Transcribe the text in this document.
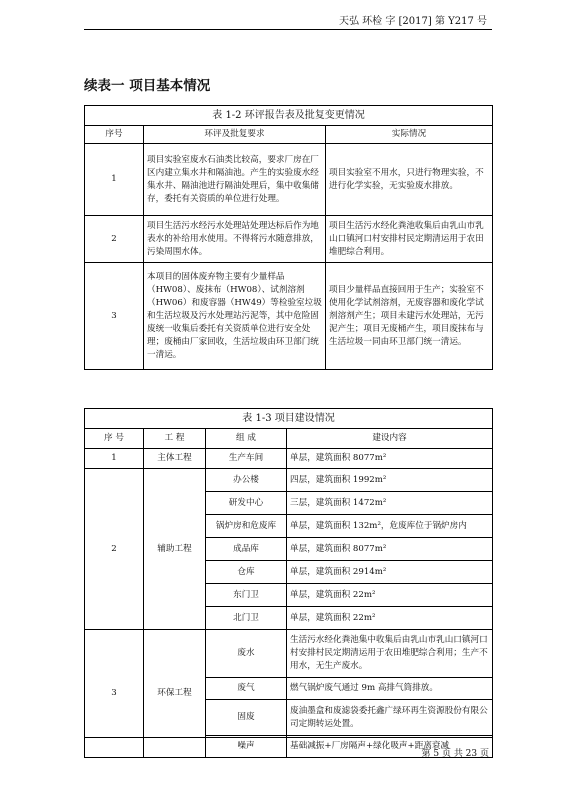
天弘 环检 字 [2017] 第 Y217 号
续表一 项目基本情况
表 1-2 环评报告表及批复变更情况		
序号	环评及批复要求	实际情况
1	项目实验室废水石油类比较高，要求厂房在厂区内建立集水井和隔油池。产生的实验废水经集水井、隔油池进行隔油处理后，集中收集储存，委托有关资质的单位进行处理。	项目实验室不用水，只进行物理实验，不进行化学实验，无实验废水排放。
2	项目生活污水经污水处理站处理达标后作为地表水的补给用水使用。不得将污水随意排放，污染周围水体。	项目生活污水经化粪池收集后由乳山市乳山口镇河口村安排村民定期清运用于农田堆肥综合利用。
3	本项目的固体废弃物主要有少量样品（HW08）、废抹布（HW08）、试剂溶剂（HW06）和废容器（HW49）等检验室垃圾和生活垃圾及污水处理站污泥等，其中危险固废统一收集后委托有关资质单位进行安全处理；废桶由厂家回收，生活垃圾由环卫部门统一清运。	项目少量样品直接回用于生产；实验室不使用化学试剂溶剂，无废容器和废化学试剂溶剂产生；项目未建污水处理站，无污泥产生；项目无废桶产生，项目废抹布与生活垃圾一同由环卫部门统一清运。
表 1-3 项目建设情况			
序 号	工 程	组 成	建设内容
1	主体工程	生产车间	单层，建筑面积 8077m²
2	辅助工程	办公楼	四层，建筑面积 1992m²
		研发中心	三层，建筑面积 1472m²
		锅炉房和危废库	单层，建筑面积 132m²，危废库位于锅炉房内
		成品库	单层，建筑面积 8077m²
		仓库	单层，建筑面积 2914m²
		东门卫	单层，建筑面积 22m²
		北门卫	单层，建筑面积 22m²
3	环保工程	废水	生活污水经化粪池集中收集后由乳山市乳山口镇河口村安排村民定期清运用于农田堆肥综合利用；生产不用水，无生产废水。
		废气	燃气锅炉废气通过 9m 高排气筒排放。
		固废	废油墨盒和废滤袋委托鑫广绿环再生资源股份有限公司定期转运处置。
		噪声	基础减振+厂房隔声+绿化吸声+距离衰减
第 5 页 共 23 页
